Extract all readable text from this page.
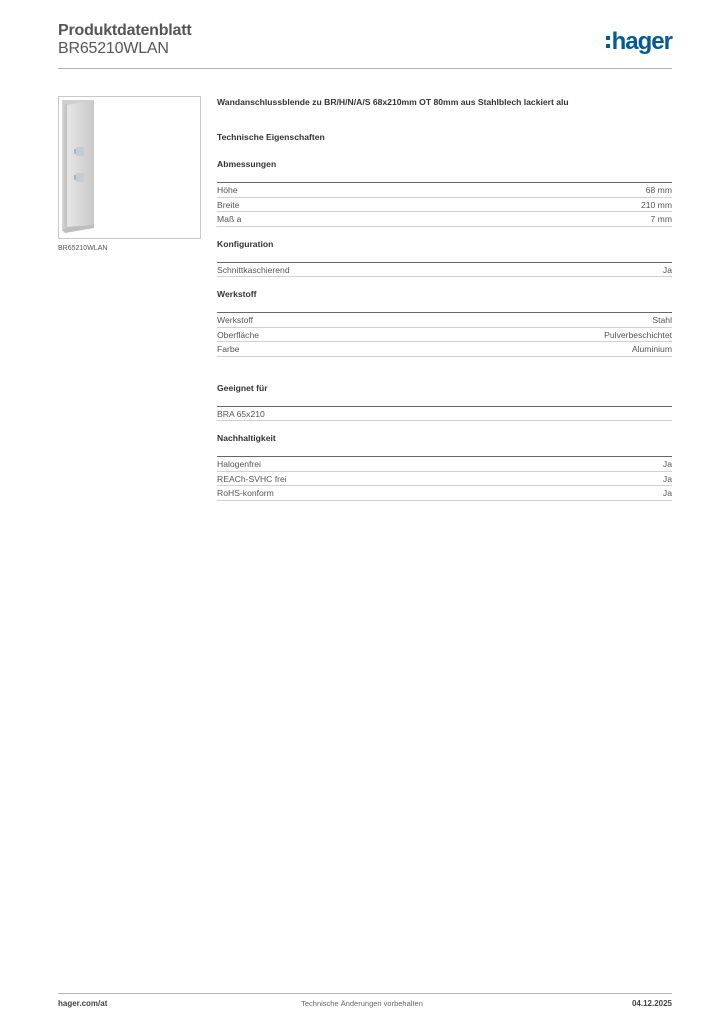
Produktdatenblatt
BR65210WLAN	hager
BR65210WLAN
Wandanschlussblende zu BR/H/N/A/S 68x210mm OT 80mm aus Stahlblech lackiert alu
Technische Eigenschaften
Abmessungen
Höhe	68 mm
Breite	210 mm
Maß a	7 mm
Konfiguration
Schnittkaschierend	Ja
Werkstoff
Werkstoff	Stahl
Oberfläche	Pulverbeschichtet
Farbe	Aluminium
Geeignet für
BRA 65x210
Nachhaltigkeit
Halogenfrei	Ja
REACh-SVHC frei	Ja
RoHS-konform	Ja
hager.com/at	Technische Änderungen vorbehalten	04.12.2025
